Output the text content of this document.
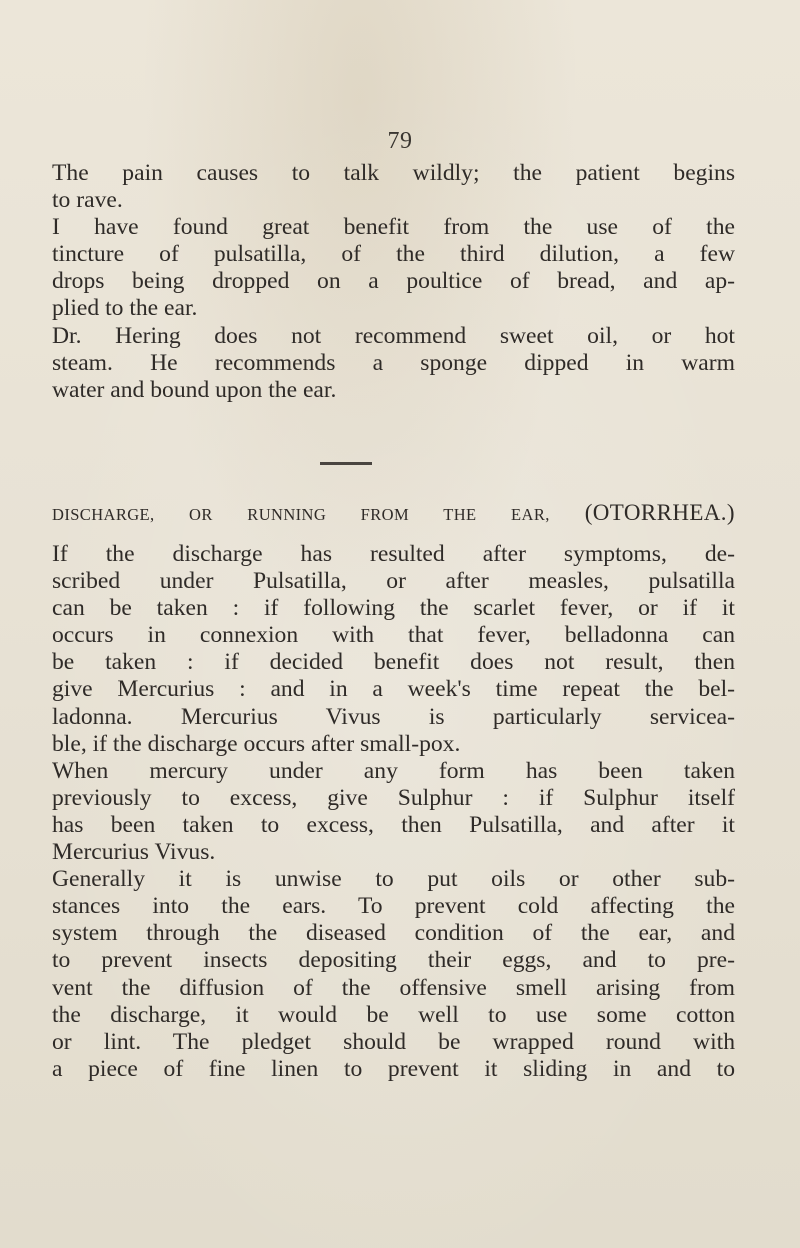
79
The pain causes to talk wildly; the patient begins
to rave.
I have found great benefit from the use of the
tincture of pulsatilla, of the third dilution, a few
drops being dropped on a poultice of bread, and ap-
plied to the ear.
Dr. Hering does not recommend sweet oil, or hot
steam. He recommends a sponge dipped in warm
water and bound upon the ear.
DISCHARGE, OR RUNNING FROM THE EAR, (OTORRHEA.)
If the discharge has resulted after symptoms, de-
scribed under Pulsatilla, or after measles, pulsatilla
can be taken : if following the scarlet fever, or if it
occurs in connexion with that fever, belladonna can
be taken : if decided benefit does not result, then
give Mercurius : and in a week's time repeat the bel-
ladonna. Mercurius Vivus is particularly servicea-
ble, if the discharge occurs after small-pox.
When mercury under any form has been taken
previously to excess, give Sulphur : if Sulphur itself
has been taken to excess, then Pulsatilla, and after it
Mercurius Vivus.
Generally it is unwise to put oils or other sub-
stances into the ears. To prevent cold affecting the
system through the diseased condition of the ear, and
to prevent insects depositing their eggs, and to pre-
vent the diffusion of the offensive smell arising from
the discharge, it would be well to use some cotton
or lint. The pledget should be wrapped round with
a piece of fine linen to prevent it sliding in and to
